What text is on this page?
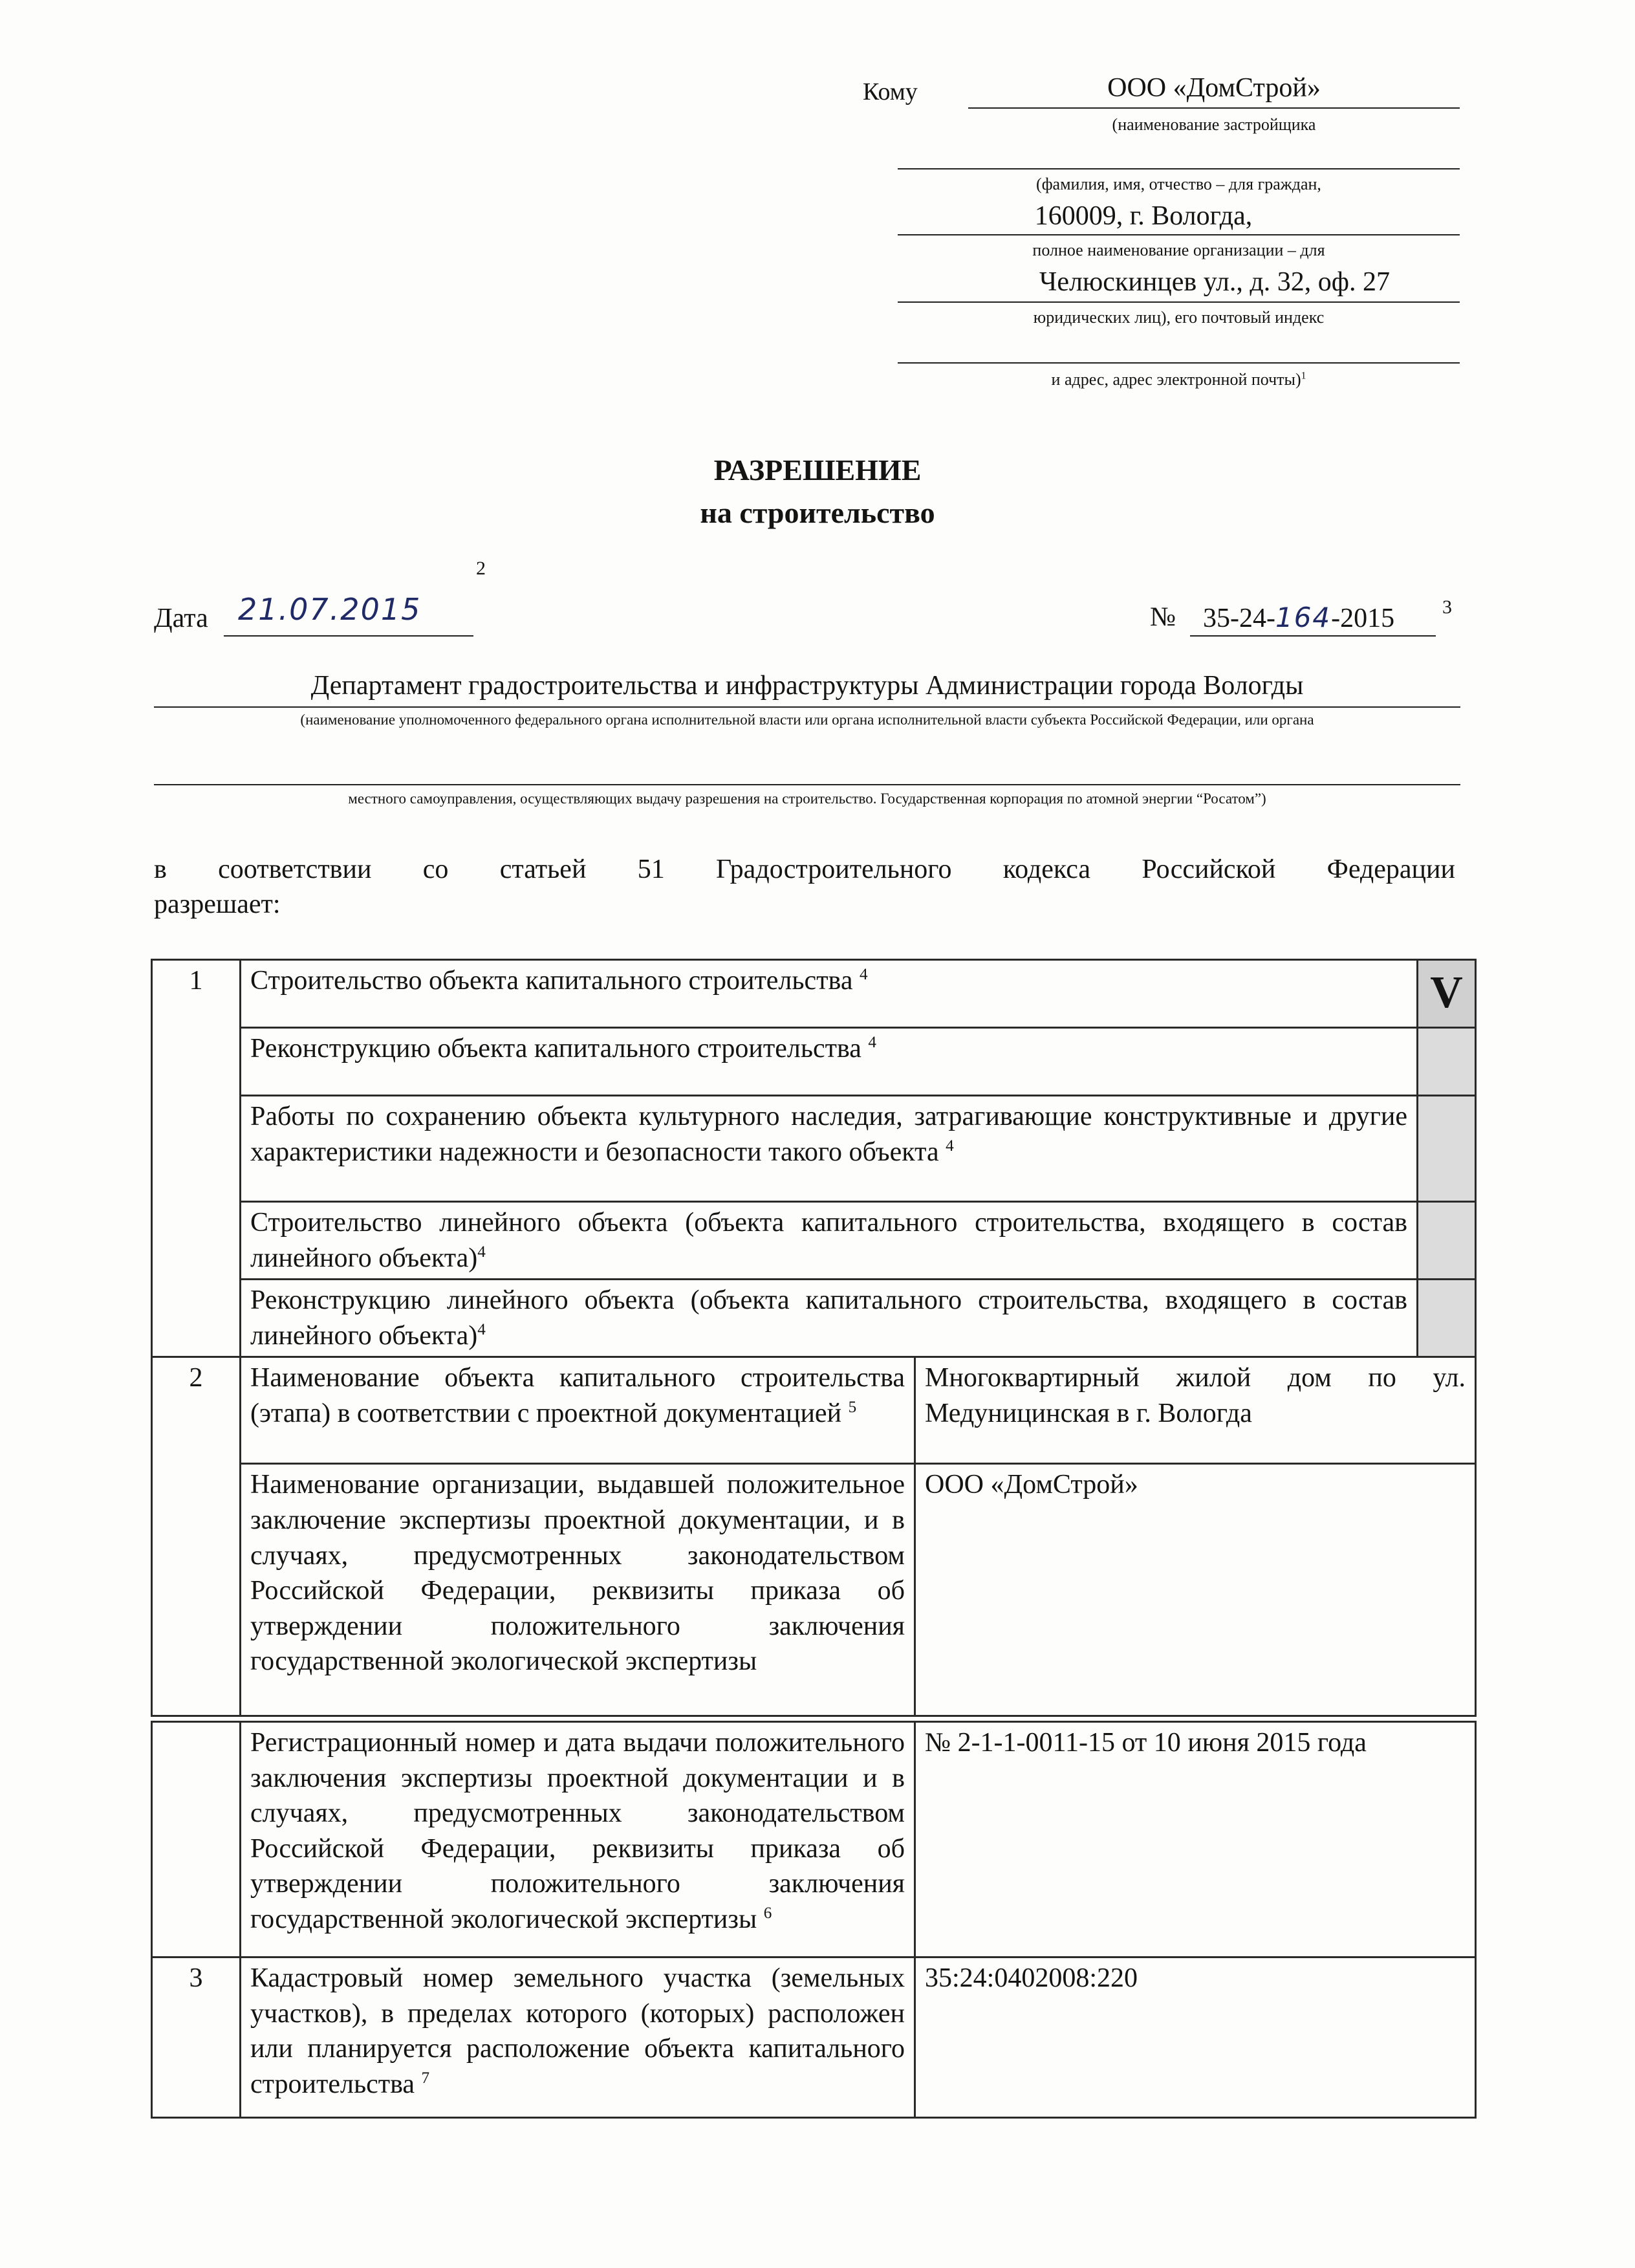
Кому	ООО «ДомСтрой»
(наименование застройщика
(фамилия, имя, отчество – для граждан,
160009, г. Вологда,
полное наименование организации – для
Челюскинцев ул., д. 32, оф. 27
юридических лиц), его почтовый индекс
и адрес, адрес электронной почты)$^1$
РАЗРЕШЕНИЕ
на строительство
Дата 21.07.2015
2
№ 35-24-164-2015 3
Департамент градостроительства и инфраструктуры Администрации города Вологды
(наименование уполномоченного федерального органа исполнительной власти или органа исполнительной власти субъекта Российской Федерации, или органа
местного самоуправления, осуществляющих выдачу разрешения на строительство. Государственная корпорация по атомной энергии “Росатом”)
в соответствии со статьей 51 Градостроительного кодекса Российской Федерации
разрешает:
1	Строительство объекта капитального строительства $^4$		V
	Реконструкцию объекта капитального строительства $^4$	
	Работы по сохранению объекта культурного наследия, затрагивающие конструктивные и другие характеристики надежности и безопасности такого объекта $^4$	
	Строительство линейного объекта (объекта капитального строительства, входящего в состав линейного объекта)$^4$	
	Реконструкцию линейного объекта (объекта капитального строительства, входящего в состав линейного объекта)$^4$	
2	Наименование объекта капитального строительства (этапа) в соответствии с проектной документацией $^5$	Многоквартирный жилой дом по ул. Медуницинская в г. Вологда	
	Наименование организации, выдавшей положительное заключение экспертизы проектной документации, и в случаях, предусмотренных законодательством Российской Федерации, реквизиты приказа об утверждении положительного заключения государственной экологической экспертизы	ООО «ДомСтрой»	
	Регистрационный номер и дата выдачи положительного заключения экспертизы проектной документации и в случаях, предусмотренных законодательством Российской Федерации, реквизиты приказа об утверждении положительного заключения государственной экологической экспертизы $^6$	№ 2-1-1-0011-15 от 10 июня 2015 года
3	Кадастровый номер земельного участка (земельных участков), в пределах которого (которых) расположен или планируется расположение объекта капитального строительства $^7$	35:24:0402008:220
